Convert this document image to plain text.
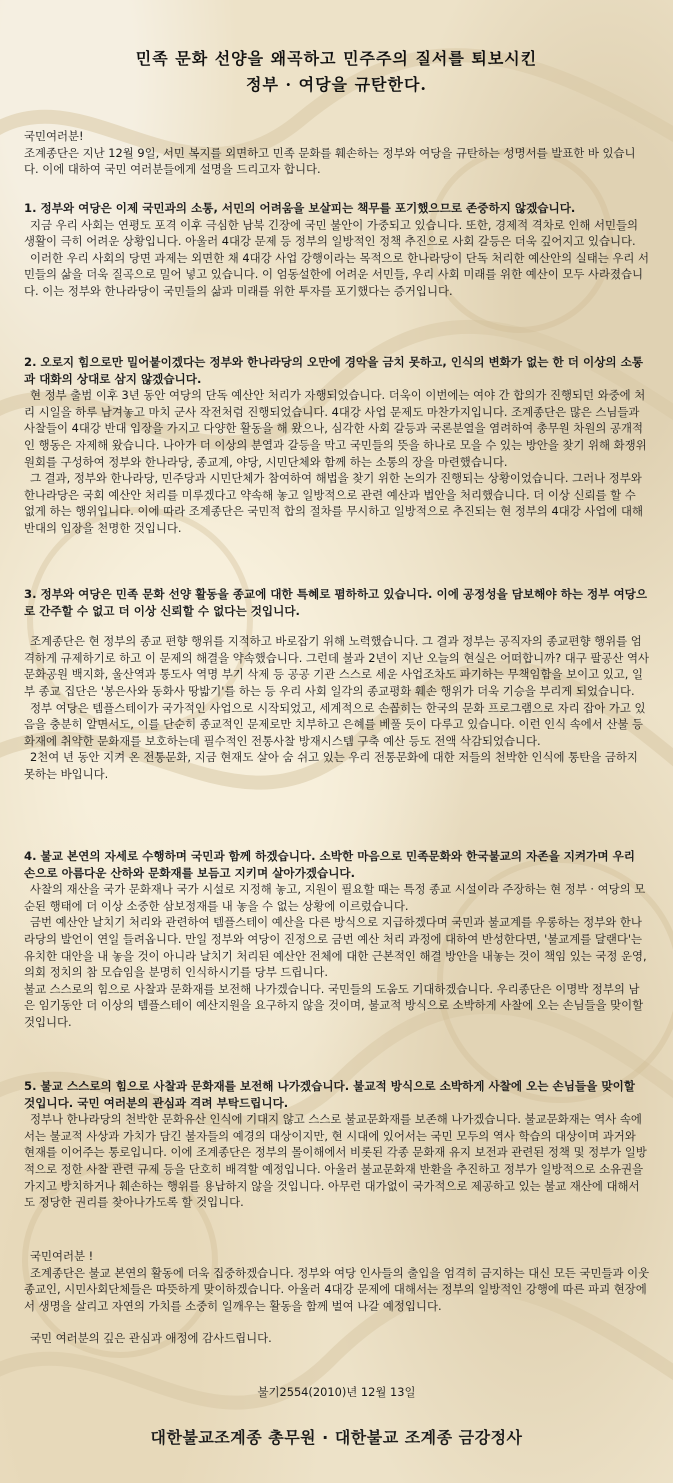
민족 문화 선양을 왜곡하고 민주주의 질서를 퇴보시킨
정부 · 여당을 규탄한다.

국민여러분!

조계종단은 지난 12월 9일, 서민 복지를 외면하고 민족 문화를 훼손하는 정부와 여당을 규탄하는 성명서를 발표한 바 있습니다. 이에 대하여 국민 여러분들에게 설명을 드리고자 합니다.

1. 정부와 여당은 이제 국민과의 소통, 서민의 어려움을 보살피는 책무를 포기했으므로 존중하지 않겠습니다.

지금 우리 사회는 연평도 포격 이후 극심한 남북 긴장에 국민 불안이 가중되고 있습니다. 또한, 경제적 격차로 인해 서민들의 생활이 극히 어려운 상황입니다. 아울러 4대강 문제 등 정부의 일방적인 정책 추진으로 사회 갈등은 더욱 깊어지고 있습니다.

이러한 우리 사회의 당면 과제는 외면한 채 4대강 사업 강행이라는 목적으로 한나라당이 단독 처리한 예산안의 실태는 우리 서민들의 삶을 더욱 질곡으로 밀어 넣고 있습니다. 이 엄동설한에 어려운 서민들, 우리 사회 미래를 위한 예산이 모두 사라졌습니다. 이는 정부와 한나라당이 국민들의 삶과 미래를 위한 투자를 포기했다는 증거입니다.

2. 오로지 힘으로만 밀어붙이겠다는 정부와 한나라당의 오만에 경악을 금치 못하고, 인식의 변화가 없는 한 더 이상의 소통과 대화의 상대로 삼지 않겠습니다.

현 정부 출범 이후 3년 동안 여당의 단독 예산안 처리가 자행되었습니다. 더욱이 이번에는 여야 간 합의가 진행되던 와중에 처리 시일을 하루 남겨놓고 마치 군사 작전처럼 진행되었습니다. 4대강 사업 문제도 마찬가지입니다. 조계종단은 많은 스님들과 사찰들이 4대강 반대 입장을 가지고 다양한 활동을 해 왔으나, 심각한 사회 갈등과 국론분열을 염려하여 총무원 차원의 공개적인 행동은 자제해 왔습니다. 나아가 더 이상의 분열과 갈등을 막고 국민들의 뜻을 하나로 모을 수 있는 방안을 찾기 위해 화쟁위원회를 구성하여 정부와 한나라당, 종교계, 야당, 시민단체와 함께 하는 소통의 장을 마련했습니다.

그 결과, 정부와 한나라당, 민주당과 시민단체가 참여하여 해법을 찾기 위한 논의가 진행되는 상황이었습니다. 그러나 정부와 한나라당은 국회 예산안 처리를 미루겠다고 약속해 놓고 일방적으로 관련 예산과 법안을 처리했습니다. 더 이상 신뢰를 할 수 없게 하는 행위입니다. 이에 따라 조계종단은 국민적 합의 절차를 무시하고 일방적으로 추진되는 현 정부의 4대강 사업에 대해 반대의 입장을 천명한 것입니다.

3. 정부와 여당은 민족 문화 선양 활동을 종교에 대한 특혜로 폄하하고 있습니다. 이에 공정성을 담보해야 하는 정부 여당으로 간주할 수 없고 더 이상 신뢰할 수 없다는 것입니다.

조계종단은 현 정부의 종교 편향 행위를 지적하고 바로잡기 위해 노력했습니다. 그 결과 정부는 공직자의 종교편향 행위를 엄격하게 규제하기로 하고 이 문제의 해결을 약속했습니다. 그런데 불과 2년이 지난 오늘의 현실은 어떠합니까? 대구 팔공산 역사문화공원 백지화, 울산역과 통도사 역명 부기 삭제 등 공공 기관 스스로 세운 사업조차도 파기하는 무책임함을 보이고 있고, 일부 종교 집단은 '봉은사와 동화사 땅밟기'를 하는 등 우리 사회 일각의 종교평화 훼손 행위가 더욱 기승을 부리게 되었습니다.

정부 여당은 템플스테이가 국가적인 사업으로 시작되었고, 세계적으로 손꼽히는 한국의 문화 프로그램으로 자리 잡아 가고 있음을 충분히 알면서도, 이를 단순히 종교적인 문제로만 치부하고 은혜를 베풀 듯이 다루고 있습니다. 이런 인식 속에서 산불 등 화재에 취약한 문화재를 보호하는데 필수적인 전통사찰 방재시스템 구축 예산 등도 전액 삭감되었습니다.

2천여 년 동안 지켜 온 전통문화, 지금 현재도 살아 숨 쉬고 있는 우리 전통문화에 대한 저들의 천박한 인식에 통탄을 금하지 못하는 바입니다.

4. 불교 본연의 자세로 수행하며 국민과 함께 하겠습니다. 소박한 마음으로 민족문화와 한국불교의 자존을 지켜가며 우리 손으로 아름다운 산하와 문화재를 보듬고 지키며 살아가겠습니다.

사찰의 재산을 국가 문화재나 국가 시설로 지정해 놓고, 지원이 필요할 때는 특정 종교 시설이라 주장하는 현 정부 · 여당의 모순된 행태에 더 이상 소중한 삼보정재를 내 놓을 수 없는 상황에 이르렀습니다.

금번 예산안 날치기 처리와 관련하여 템플스테이 예산을 다른 방식으로 지급하겠다며 국민과 불교계를 우롱하는 정부와 한나라당의 발언이 연일 들려옵니다. 만일 정부와 여당이 진정으로 금번 예산 처리 과정에 대하여 반성한다면, '불교계를 달랜다'는 유치한 대안을 내 놓을 것이 아니라 날치기 처리된 예산안 전체에 대한 근본적인 해결 방안을 내놓는 것이 책임 있는 국정 운영, 의회 정치의 참 모습임을 분명히 인식하시기를 당부 드립니다.

불교 스스로의 힘으로 사찰과 문화재를 보전해 나가겠습니다. 국민들의 도움도 기대하겠습니다. 우리종단은 이명박 정부의 남은 임기동안 더 이상의 템플스테이 예산지원을 요구하지 않을 것이며, 불교적 방식으로 소박하게 사찰에 오는 손님들을 맞이할 것입니다.

5. 불교 스스로의 힘으로 사찰과 문화재를 보전해 나가겠습니다. 불교적 방식으로 소박하게 사찰에 오는 손님들을 맞이할 것입니다. 국민 여러분의 관심과 격려 부탁드립니다.

정부나 한나라당의 천박한 문화유산 인식에 기대지 않고 스스로 불교문화재를 보존해 나가겠습니다. 불교문화재는 역사 속에서는 불교적 사상과 가치가 담긴 불자들의 예경의 대상이지만, 현 시대에 있어서는 국민 모두의 역사 학습의 대상이며 과거와 현재를 이어주는 통로입니다. 이에 조계종단은 정부의 몰이해에서 비롯된 각종 문화재 유지 보전과 관련된 정책 및 정부가 일방적으로 정한 사찰 관련 규제 등을 단호히 배격할 예정입니다. 아울러 불교문화재 반환을 추진하고 정부가 일방적으로 소유권을 가지고 방치하거나 훼손하는 행위를 용납하지 않을 것입니다. 아무런 대가없이 국가적으로 제공하고 있는 불교 재산에 대해서도 정당한 권리를 찾아나가도록 할 것입니다.

국민여러분 !

조계종단은 불교 본연의 활동에 더욱 집중하겠습니다. 정부와 여당 인사들의 출입을 엄격히 금지하는 대신 모든 국민들과 이웃 종교인, 시민사회단체들은 따뜻하게 맞이하겠습니다. 아울러 4대강 문제에 대해서는 정부의 일방적인 강행에 따른 파괴 현장에서 생명을 살리고 자연의 가치를 소중히 일깨우는 활동을 함께 벌여 나갈 예정입니다.

국민 여러분의 깊은 관심과 애정에 감사드립니다.

불기2554(2010)년 12월 13일
대한불교조계종 총무원 · 대한불교 조계종 금강정사
